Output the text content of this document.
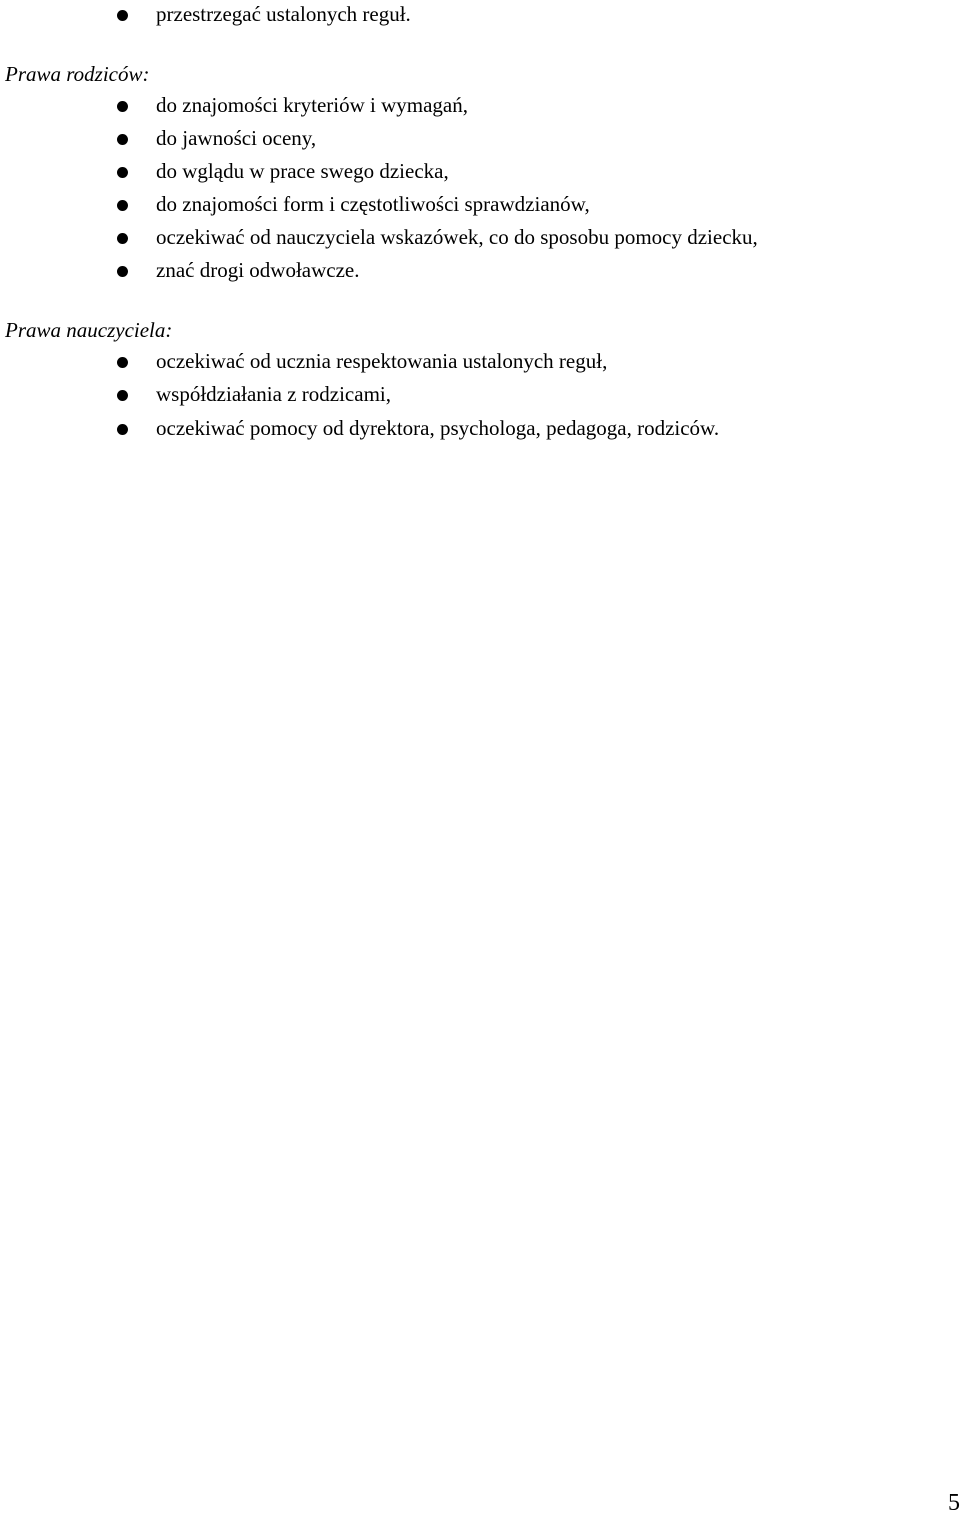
przestrzegać ustalonych reguł.
Prawa rodziców:
do znajomości kryteriów i wymagań,
do jawności oceny,
do wglądu w prace swego dziecka,
do znajomości form i częstotliwości sprawdzianów,
oczekiwać od nauczyciela wskazówek, co do sposobu pomocy dziecku,
znać drogi odwoławcze.
Prawa nauczyciela:
oczekiwać od ucznia respektowania ustalonych reguł,
współdziałania z rodzicami,
oczekiwać pomocy od dyrektora, psychologa, pedagoga, rodziców.
5
